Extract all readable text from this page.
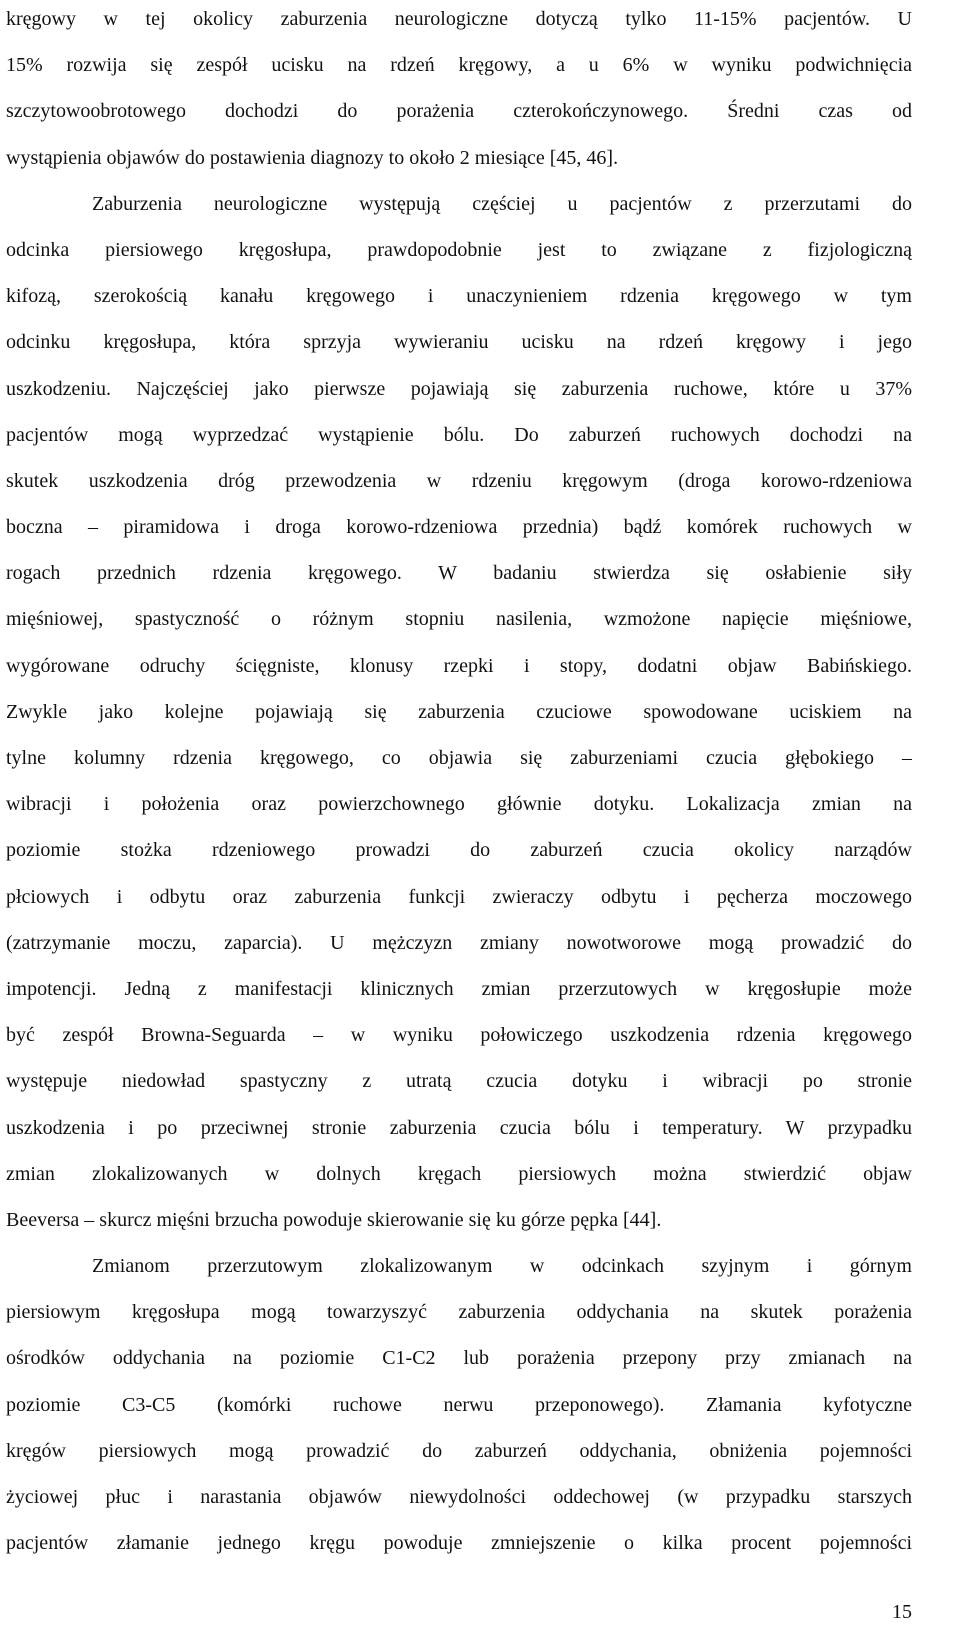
kręgowy w tej okolicy zaburzenia neurologiczne dotyczą tylko 11-15% pacjentów. U
15% rozwija się zespół ucisku na rdzeń kręgowy, a u 6% w wyniku podwichnięcia
szczytowoobrotowego dochodzi do porażenia czterokończynowego. Średni czas od
wystąpienia objawów do postawienia diagnozy to około 2 miesiące [45, 46].
Zaburzenia neurologiczne występują częściej u pacjentów z przerzutami do
odcinka piersiowego kręgosłupa, prawdopodobnie jest to związane z fizjologiczną
kifozą, szerokością kanału kręgowego i unaczynieniem rdzenia kręgowego w tym
odcinku kręgosłupa, która sprzyja wywieraniu ucisku na rdzeń kręgowy i jego
uszkodzeniu. Najczęściej jako pierwsze pojawiają się zaburzenia ruchowe, które u 37%
pacjentów mogą wyprzedzać wystąpienie bólu. Do zaburzeń ruchowych dochodzi na
skutek uszkodzenia dróg przewodzenia w rdzeniu kręgowym (droga korowo-rdzeniowa
boczna – piramidowa i droga korowo-rdzeniowa przednia) bądź komórek ruchowych w
rogach przednich rdzenia kręgowego. W badaniu stwierdza się osłabienie siły
mięśniowej, spastyczność o różnym stopniu nasilenia, wzmożone napięcie mięśniowe,
wygórowane odruchy ścięgniste, klonusy rzepki i stopy, dodatni objaw Babińskiego.
Zwykle jako kolejne pojawiają się zaburzenia czuciowe spowodowane uciskiem na
tylne kolumny rdzenia kręgowego, co objawia się zaburzeniami czucia głębokiego –
wibracji i położenia oraz powierzchownego głównie dotyku. Lokalizacja zmian na
poziomie stożka rdzeniowego prowadzi do zaburzeń czucia okolicy narządów
płciowych i odbytu oraz zaburzenia funkcji zwieraczy odbytu i pęcherza moczowego
(zatrzymanie moczu, zaparcia). U mężczyzn zmiany nowotworowe mogą prowadzić do
impotencji. Jedną z manifestacji klinicznych zmian przerzutowych w kręgosłupie może
być zespół Browna-Seguarda – w wyniku połowiczego uszkodzenia rdzenia kręgowego
występuje niedowład spastyczny z utratą czucia dotyku i wibracji po stronie
uszkodzenia i po przeciwnej stronie zaburzenia czucia bólu i temperatury. W przypadku
zmian zlokalizowanych w dolnych kręgach piersiowych można stwierdzić objaw
Beeversa – skurcz mięśni brzucha powoduje skierowanie się ku górze pępka [44].
Zmianom przerzutowym zlokalizowanym w odcinkach szyjnym i górnym
piersiowym kręgosłupa mogą towarzyszyć zaburzenia oddychania na skutek porażenia
ośrodków oddychania na poziomie C1-C2 lub porażenia przepony przy zmianach na
poziomie C3-C5 (komórki ruchowe nerwu przeponowego). Złamania kyfotyczne
kręgów piersiowych mogą prowadzić do zaburzeń oddychania, obniżenia pojemności
życiowej płuc i narastania objawów niewydolności oddechowej (w przypadku starszych
pacjentów złamanie jednego kręgu powoduje zmniejszenie o kilka procent pojemności
15
